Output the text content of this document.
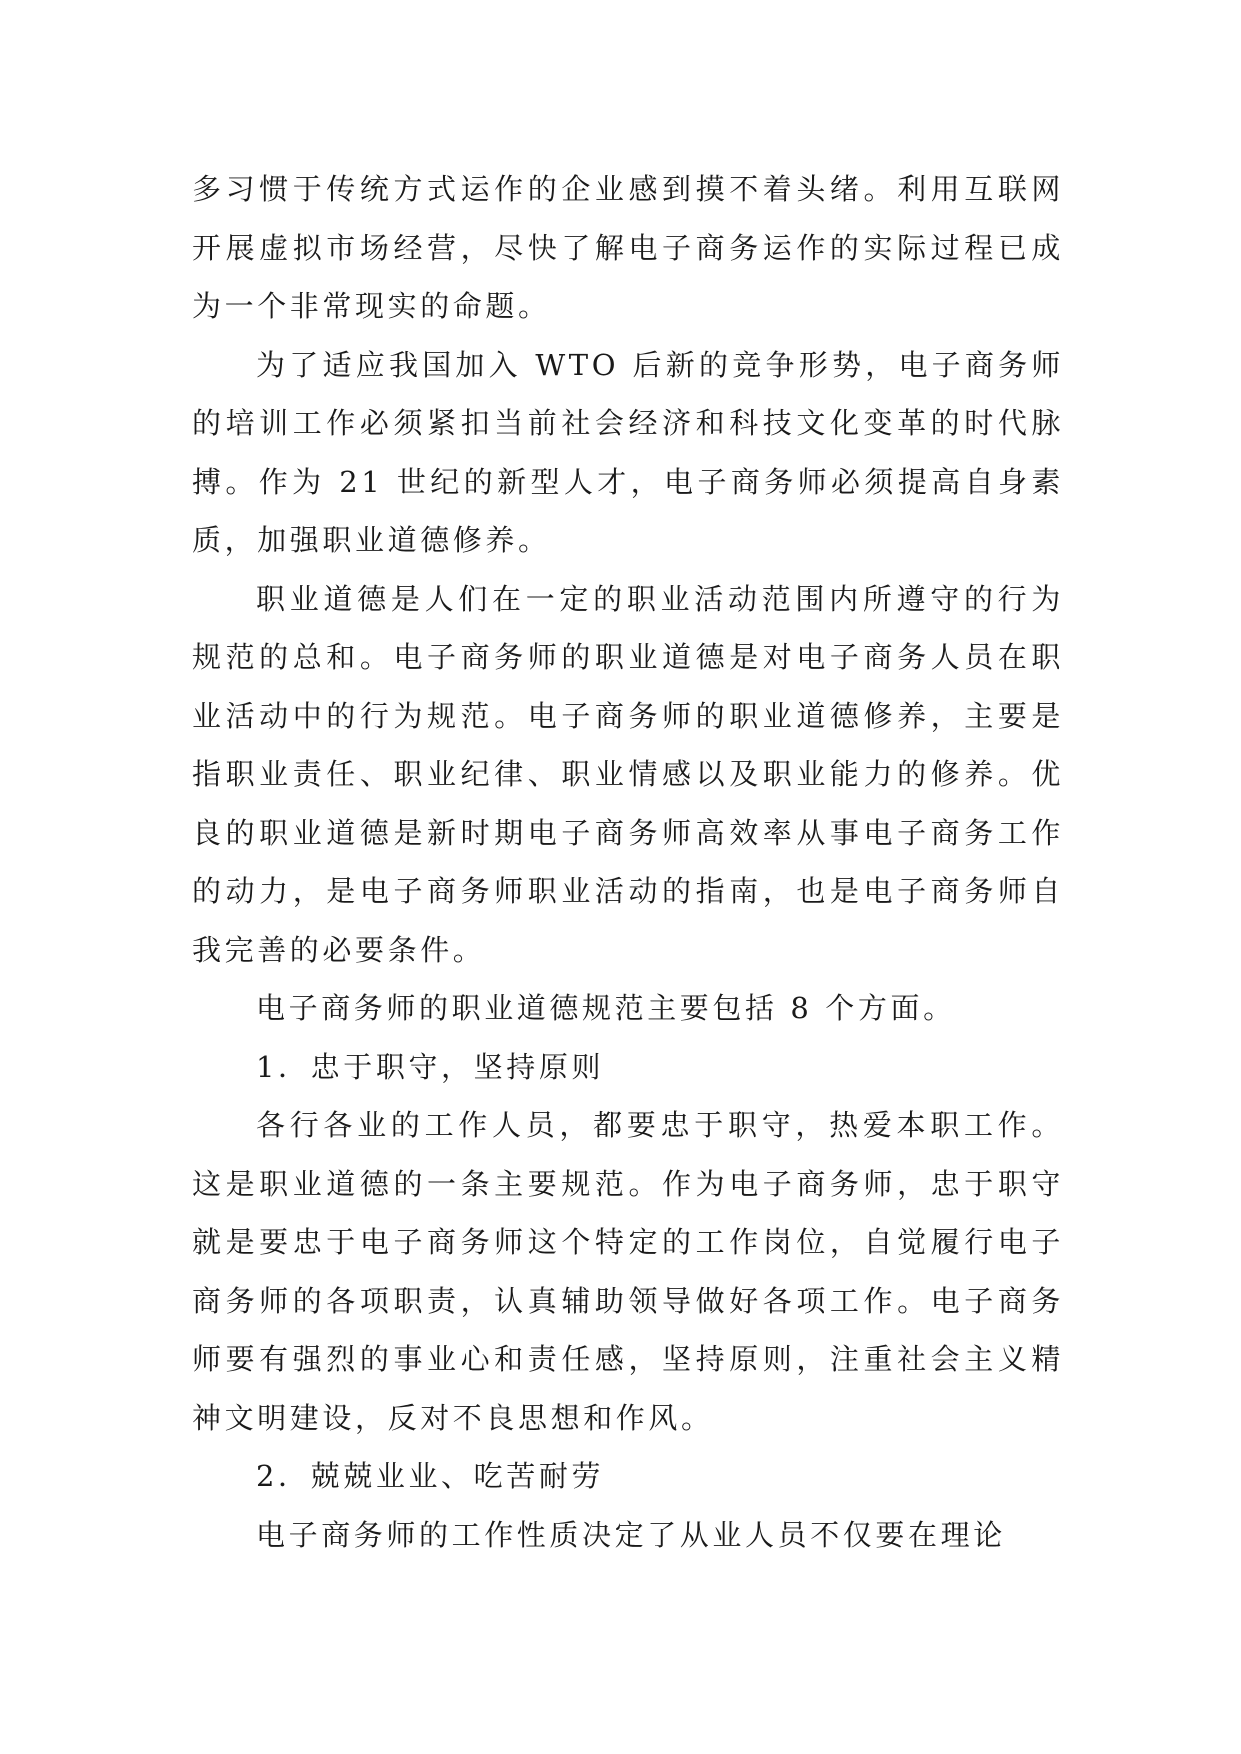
多习惯于传统方式运作的企业感到摸不着头绪。利用互联网开展虚拟市场经营，尽快了解电子商务运作的实际过程已成为一个非常现实的命题。

为了适应我国加入 WTO 后新的竞争形势，电子商务师的培训工作必须紧扣当前社会经济和科技文化变革的时代脉搏。作为 21 世纪的新型人才，电子商务师必须提高自身素质，加强职业道德修养。

职业道德是人们在一定的职业活动范围内所遵守的行为规范的总和。电子商务师的职业道德是对电子商务人员在职业活动中的行为规范。电子商务师的职业道德修养，主要是指职业责任、职业纪律、职业情感以及职业能力的修养。优良的职业道德是新时期电子商务师高效率从事电子商务工作的动力，是电子商务师职业活动的指南，也是电子商务师自我完善的必要条件。

电子商务师的职业道德规范主要包括 8 个方面。

1．忠于职守，坚持原则

各行各业的工作人员，都要忠于职守，热爱本职工作。这是职业道德的一条主要规范。作为电子商务师，忠于职守就是要忠于电子商务师这个特定的工作岗位，自觉履行电子商务师的各项职责，认真辅助领导做好各项工作。电子商务师要有强烈的事业心和责任感，坚持原则，注重社会主义精神文明建设，反对不良思想和作风。

2．兢兢业业、吃苦耐劳

电子商务师的工作性质决定了从业人员不仅要在理论
